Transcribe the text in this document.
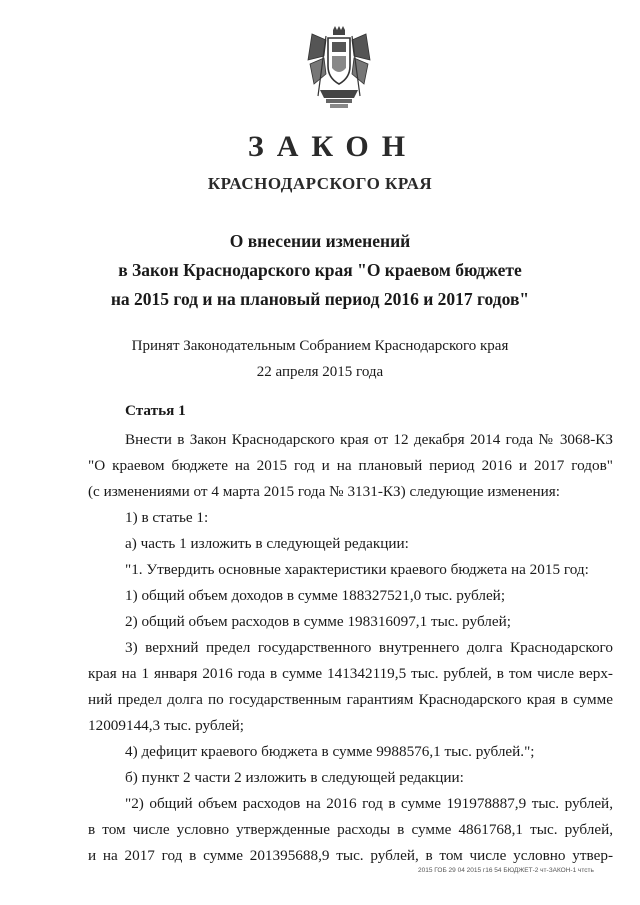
ЗАКОН
КРАСНОДАРСКОГО КРАЯ
О внесении изменений
в Закон Краснодарского края "О краевом бюджете
на 2015 год и на плановый период 2016 и 2017 годов"
Принят Законодательным Собранием Краснодарского края
22 апреля 2015 года
Статья 1
Внести в Закон Краснодарского края от 12 декабря 2014 года № 3068-КЗ
"О краевом бюджете на 2015 год и на плановый период 2016 и 2017 годов"
(с изменениями от 4 марта 2015 года № 3131-КЗ) следующие изменения:
1) в статье 1:
а) часть 1 изложить в следующей редакции:
"1. Утвердить основные характеристики краевого бюджета на 2015 год:
1) общий объем доходов в сумме 188327521,0 тыс. рублей;
2) общий объем расходов в сумме 198316097,1 тыс. рублей;
3) верхний предел государственного внутреннего долга Краснодарского
края на 1 января 2016 года в сумме 141342119,5 тыс. рублей, в том числе верх-
ний предел долга по государственным гарантиям Краснодарского края в сумме
12009144,3 тыс. рублей;
4) дефицит краевого бюджета в сумме 9988576,1 тыс. рублей.";
б) пункт 2 части 2 изложить в следующей редакции:
"2) общий объем расходов на 2016 год в сумме 191978887,9 тыс. рублей,
в том числе условно утвержденные расходы в сумме 4861768,1 тыс. рублей,
и на 2017 год в сумме 201395688,9 тыс. рублей, в том числе условно утвер-
2015 ГОБ 29 04 2015 г16 54 БЮДЖЕТ-2 чт-ЗАКОН-1 чтсть
